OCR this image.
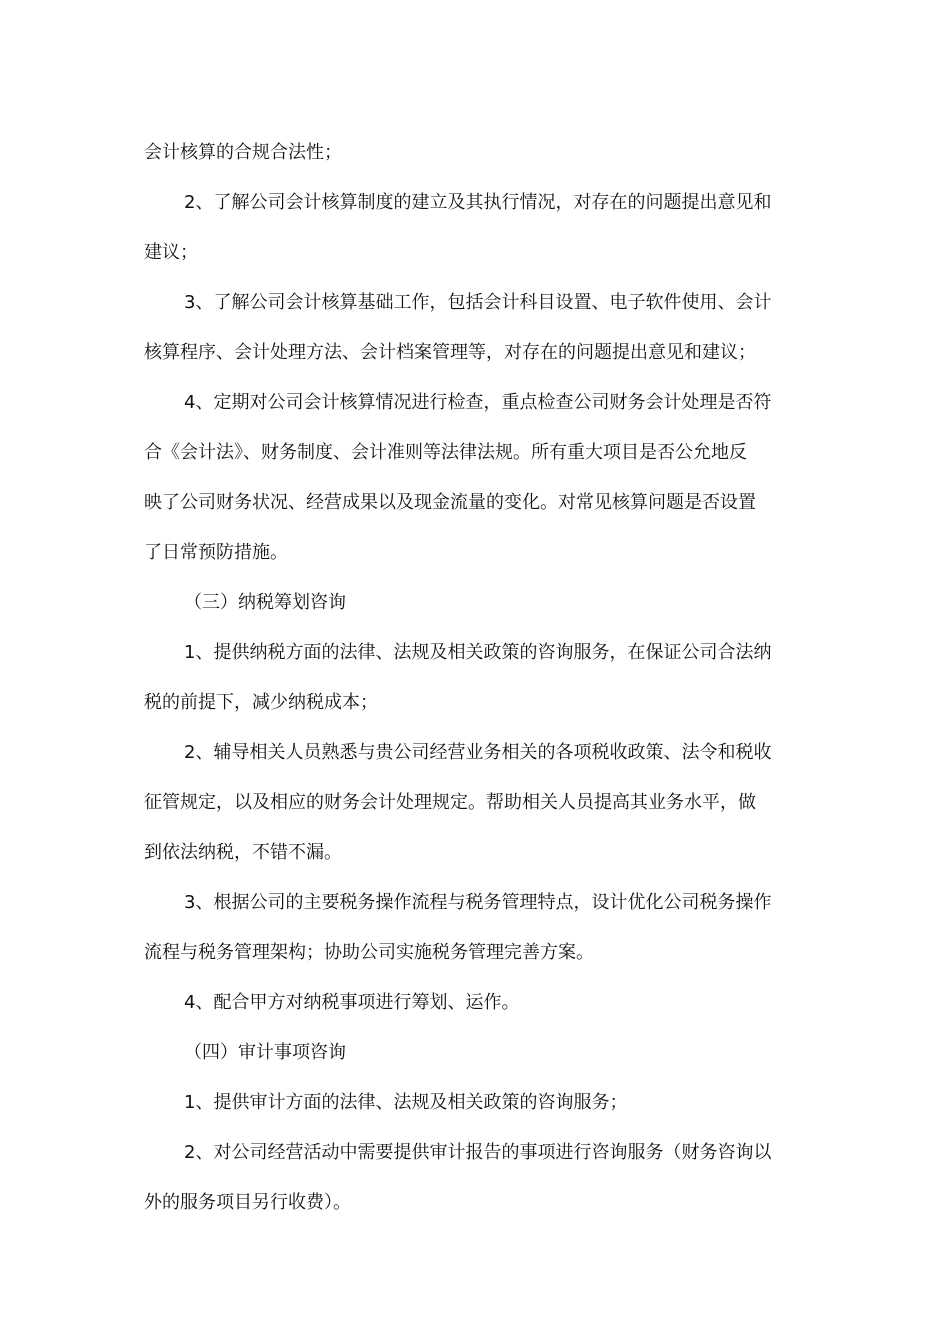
会计核算的合规合法性；
2、了解公司会计核算制度的建立及其执行情况，对存在的问题提出意见和
建议；
3、了解公司会计核算基础工作，包括会计科目设置、电子软件使用、会计
核算程序、会计处理方法、会计档案管理等，对存在的问题提出意见和建议；
4、定期对公司会计核算情况进行检查，重点检查公司财务会计处理是否符
合《会计法》、财务制度、会计准则等法律法规。所有重大项目是否公允地反
映了公司财务状况、经营成果以及现金流量的变化。对常见核算问题是否设置
了日常预防措施。
（三）纳税筹划咨询
1、提供纳税方面的法律、法规及相关政策的咨询服务，在保证公司合法纳
税的前提下，减少纳税成本；
2、辅导相关人员熟悉与贵公司经营业务相关的各项税收政策、法令和税收
征管规定，以及相应的财务会计处理规定。帮助相关人员提高其业务水平，做
到依法纳税，不错不漏。
3、根据公司的主要税务操作流程与税务管理特点，设计优化公司税务操作
流程与税务管理架构；协助公司实施税务管理完善方案。
4、配合甲方对纳税事项进行筹划、运作。
（四）审计事项咨询
1、提供审计方面的法律、法规及相关政策的咨询服务；
2、对公司经营活动中需要提供审计报告的事项进行咨询服务（财务咨询以
外的服务项目另行收费）。
